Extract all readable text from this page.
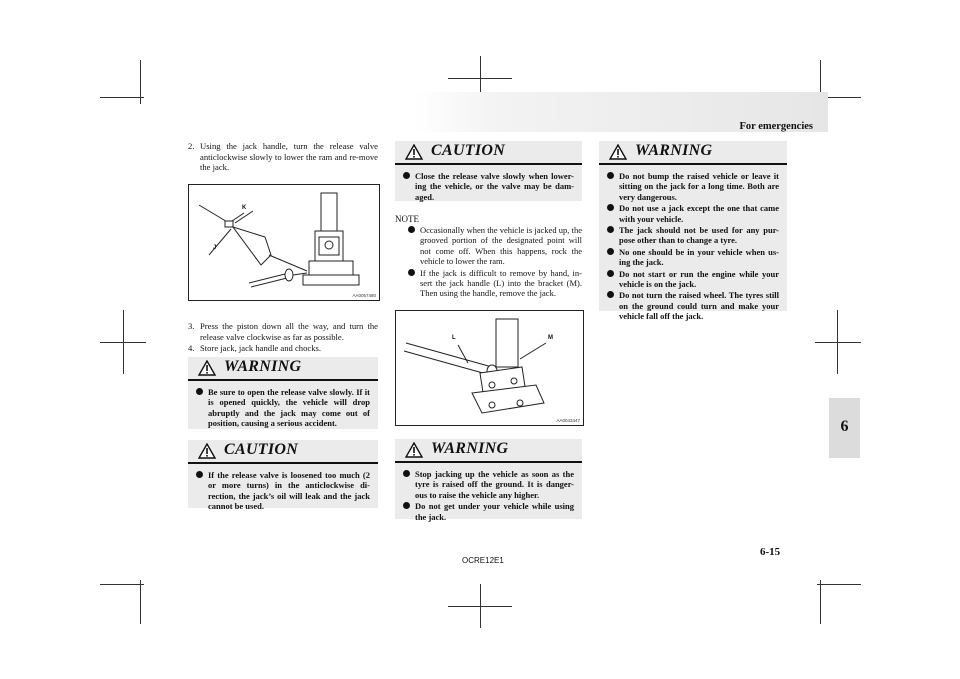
For emergencies
6
2. Using the jack handle, turn the release valve anticlockwise slowly to lower the ram and re-move the jack.
K
J
AA0057480
3. Press the piston down all the way, and turn the release valve clockwise as far as possible.
4. Store jack, jack handle and chocks.
WARNING
Be sure to open the release valve slowly. If it is opened quickly, the vehicle will drop abruptly and the jack may come out of position, causing a serious accident.
CAUTION
If the release valve is loosened too much (2 or more turns) in the anticlockwise di-rection, the jack’s oil will leak and the jack cannot be used.
CAUTION
Close the release valve slowly when lower-ing the vehicle, or the valve may be dam-aged.
NOTE
Occasionally when the vehicle is jacked up, the grooved portion of the designated point will not come off. When this happens, rock the vehicle to lower the ram.
If the jack is difficult to remove by hand, in-sert the jack handle (L) into the bracket (M). Then using the handle, remove the jack.
L	M
AA0043447
WARNING
Stop jacking up the vehicle as soon as the tyre is raised off the ground. It is danger-ous to raise the vehicle any higher.
Do not get under your vehicle while using the jack.
WARNING
Do not bump the raised vehicle or leave it sitting on the jack for a long time. Both are very dangerous.
Do not use a jack except the one that came with your vehicle.
The jack should not be used for any pur-pose other than to change a tyre.
No one should be in your vehicle when us-ing the jack.
Do not start or run the engine while your vehicle is on the jack.
Do not turn the raised wheel. The tyres still on the ground could turn and make your vehicle fall off the jack.
OCRE12E1
6-15
